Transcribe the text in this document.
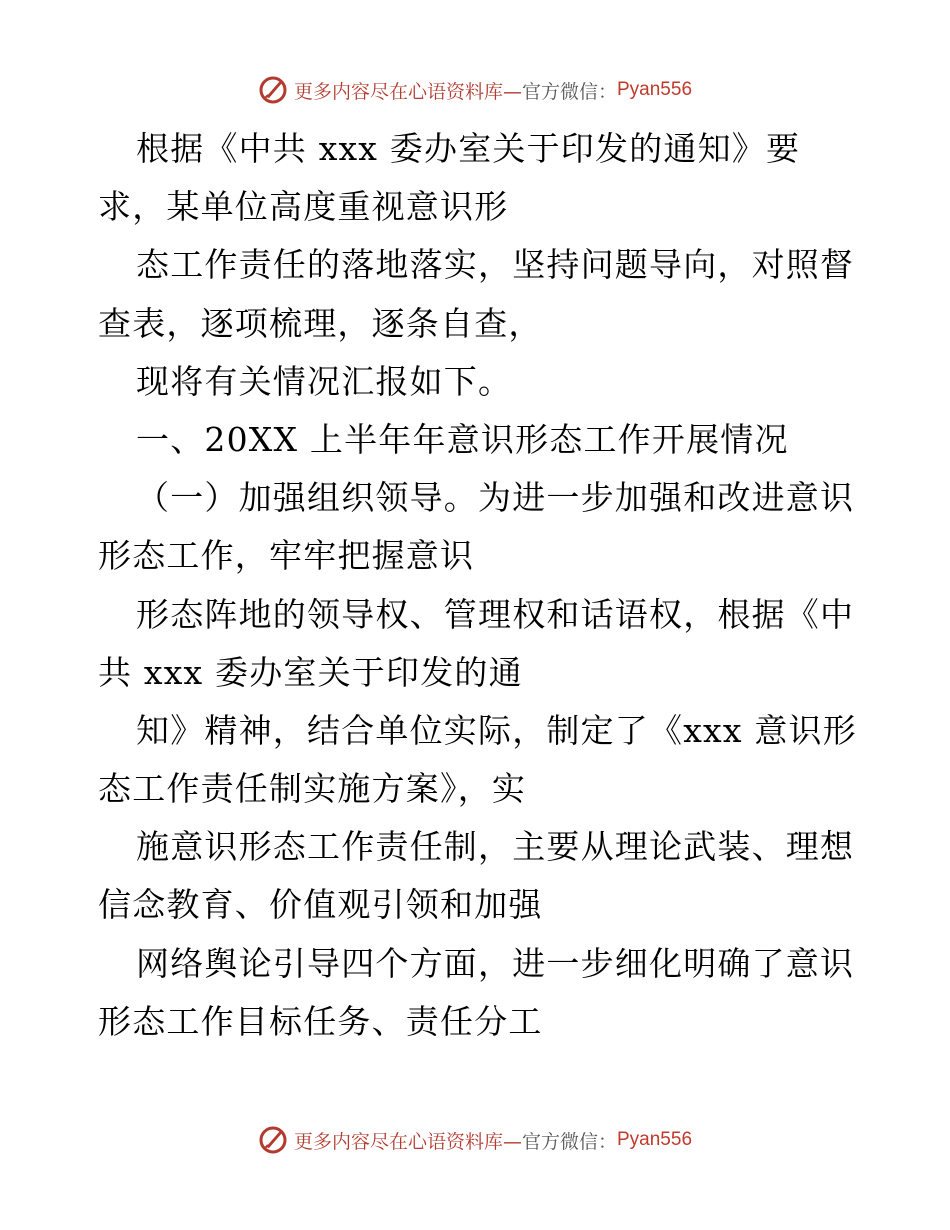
更多内容尽在心语资料库— 官方微信： Pyan556
根据《中共 xxx 委办室关于印发的通知》要
求，某单位高度重视意识形
态工作责任的落地落实，坚持问题导向，对照督
查表，逐项梳理，逐条自查，
现将有关情况汇报如下。
一、20XX 上半年年意识形态工作开展情况
（一）加强组织领导。为进一步加强和改进意识
形态工作，牢牢把握意识
形态阵地的领导权、管理权和话语权，根据《中
共 xxx 委办室关于印发的通
知》精神，结合单位实际，制定了《xxx 意识形
态工作责任制实施方案》，实
施意识形态工作责任制，主要从理论武装、理想
信念教育、价值观引领和加强
网络舆论引导四个方面，进一步细化明确了意识
形态工作目标任务、责任分工
更多内容尽在心语资料库— 官方微信： Pyan556
